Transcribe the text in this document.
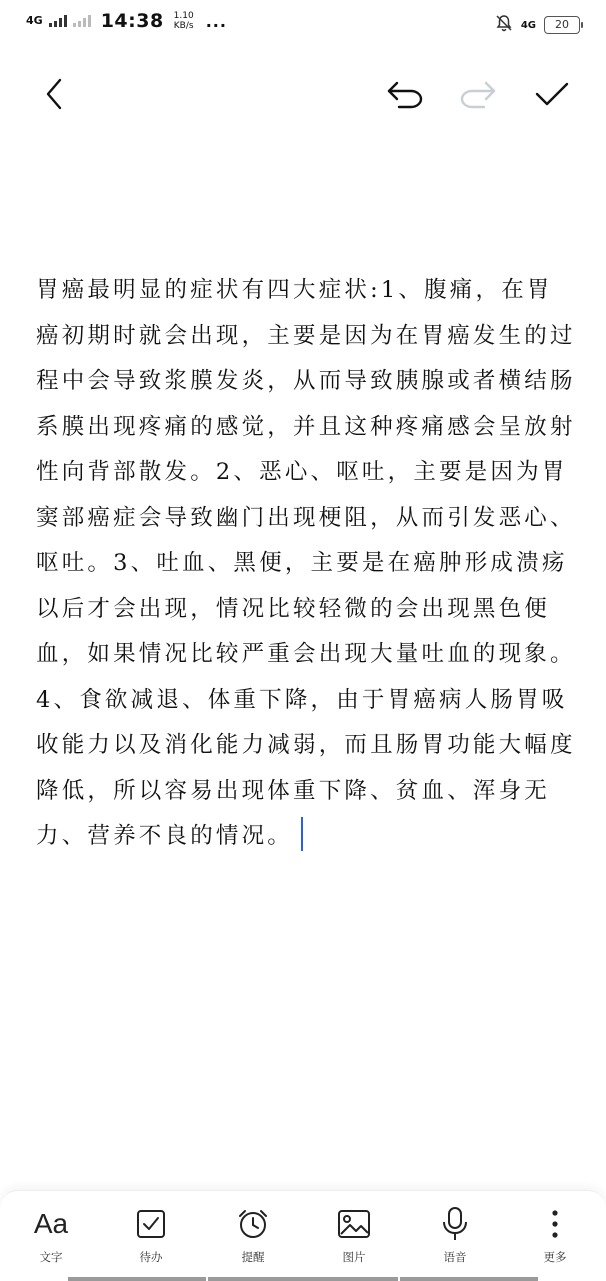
4G	14:38 1.10
KB/s ...	4G	20
胃癌最明显的症状有四大症状:1、腹痛，在胃癌初期时就会出现，主要是因为在胃癌发生的过程中会导致浆膜发炎，从而导致胰腺或者横结肠系膜出现疼痛的感觉，并且这种疼痛感会呈放射性向背部散发。2、恶心、呕吐，主要是因为胃窦部癌症会导致幽门出现梗阻，从而引发恶心、呕吐。3、吐血、黑便，主要是在癌肿形成溃疡以后才会出现，情况比较轻微的会出现黑色便血，如果情况比较严重会出现大量吐血的现象。4、食欲减退、体重下降，由于胃癌病人肠胃吸收能力以及消化能力减弱，而且肠胃功能大幅度降低，所以容易出现体重下降、贫血、浑身无力、营养不良的情况。
Aa
文字	待办	提醒	图片	语音	更多
